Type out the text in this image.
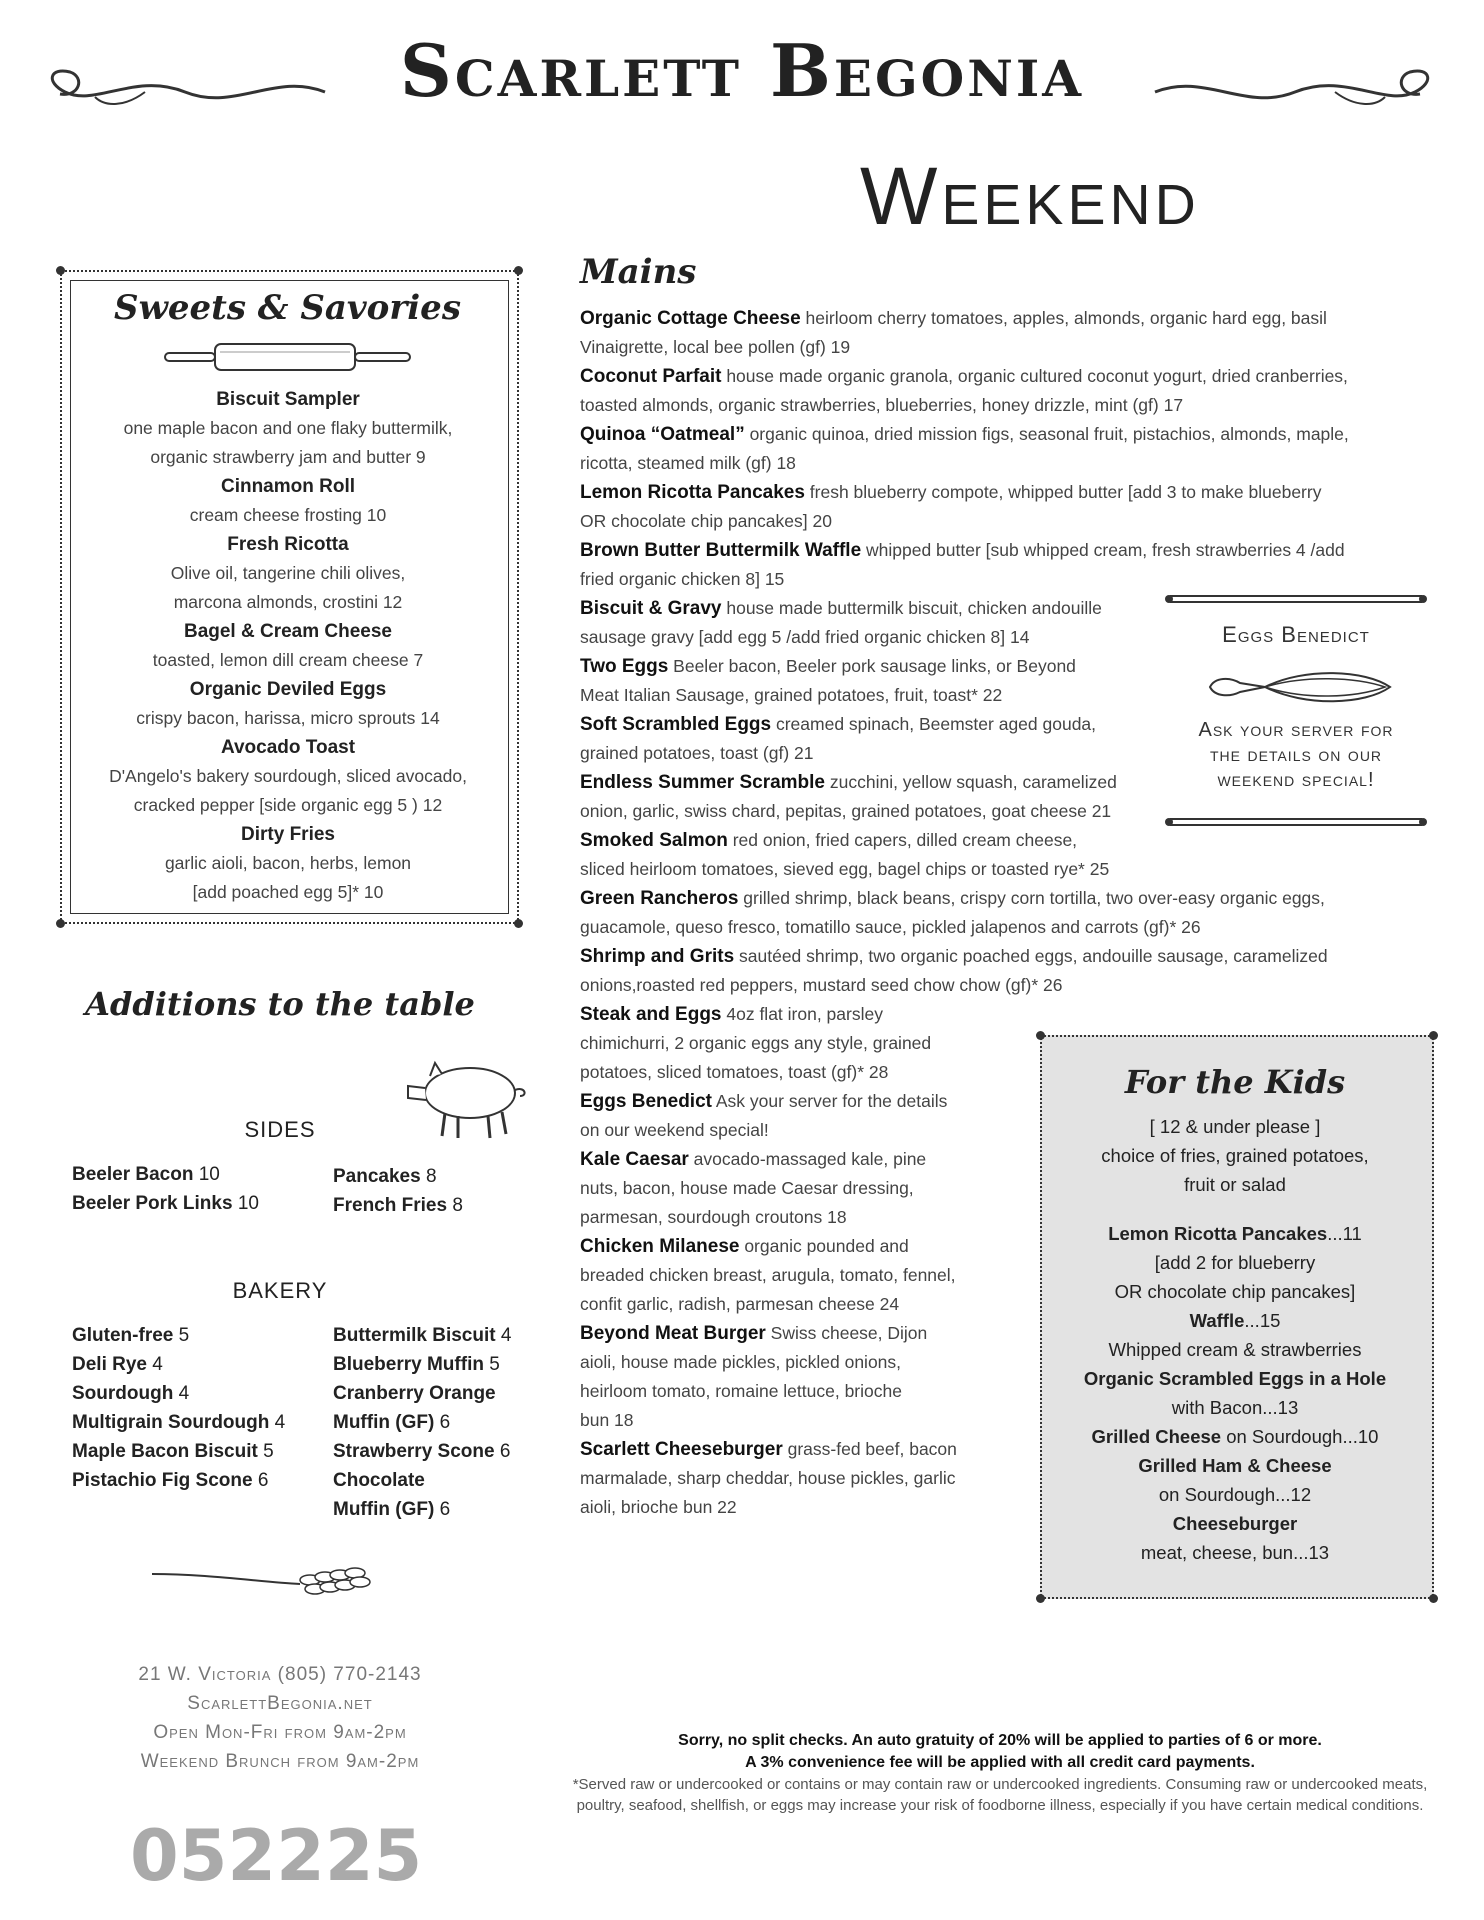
Scarlett Begonia
Weekend
Sweets & Savories
Biscuit Sampler
one maple bacon and one flaky buttermilk,
organic strawberry jam and butter 9
Cinnamon Roll
cream cheese frosting 10
Fresh Ricotta
Olive oil, tangerine chili olives,
marcona almonds, crostini 12
Bagel & Cream Cheese
toasted, lemon dill cream cheese 7
Organic Deviled Eggs
crispy bacon, harissa, micro sprouts 14
Avocado Toast
D'Angelo's bakery sourdough, sliced avocado,
cracked pepper [side organic egg 5 ) 12
Dirty Fries
garlic aioli, bacon, herbs, lemon
[add poached egg 5]* 10
Additions to the table
SIDES
Beeler Bacon 10
Beeler Pork Links 10
Pancakes 8
French Fries 8
BAKERY
Gluten-free 5
Deli Rye 4
Sourdough 4
Multigrain Sourdough 4
Maple Bacon Biscuit 5
Pistachio Fig Scone 6
Buttermilk Biscuit 4
Blueberry Muffin 5
Cranberry Orange
Muffin (GF) 6
Strawberry Scone 6
Chocolate
Muffin (GF) 6
Mains
Organic Cottage Cheese heirloom cherry tomatoes, apples, almonds, organic hard egg, basil
Vinaigrette, local bee pollen (gf) 19
Coconut Parfait house made organic granola, organic cultured coconut yogurt, dried cranberries,
toasted almonds, organic strawberries, blueberries, honey drizzle, mint (gf) 17
Quinoa “Oatmeal” organic quinoa, dried mission figs, seasonal fruit, pistachios, almonds, maple,
ricotta, steamed milk (gf) 18
Lemon Ricotta Pancakes fresh blueberry compote, whipped butter [add 3 to make blueberry
OR chocolate chip pancakes] 20
Brown Butter Buttermilk Waffle whipped butter [sub whipped cream, fresh strawberries 4 /add
fried organic chicken 8] 15
Biscuit & Gravy house made buttermilk biscuit, chicken andouille
sausage gravy [add egg 5 /add fried organic chicken 8] 14
Two Eggs Beeler bacon, Beeler pork sausage links, or Beyond
Meat Italian Sausage, grained potatoes, fruit, toast* 22
Soft Scrambled Eggs creamed spinach, Beemster aged gouda,
grained potatoes, toast (gf) 21
Endless Summer Scramble zucchini, yellow squash, caramelized
onion, garlic, swiss chard, pepitas, grained potatoes, goat cheese 21
Smoked Salmon red onion, fried capers, dilled cream cheese,
sliced heirloom tomatoes, sieved egg, bagel chips or toasted rye* 25
Green Rancheros grilled shrimp, black beans, crispy corn tortilla, two over-easy organic eggs,
guacamole, queso fresco, tomatillo sauce, pickled jalapenos and carrots (gf)* 26
Shrimp and Grits sautéed shrimp, two organic poached eggs, andouille sausage, caramelized
onions,roasted red peppers, mustard seed chow chow (gf)* 26
Steak and Eggs 4oz flat iron, parsley
chimichurri, 2 organic eggs any style, grained
potatoes, sliced tomatoes, toast (gf)* 28
Eggs Benedict Ask your server for the details
on our weekend special!
Kale Caesar avocado-massaged kale, pine
nuts, bacon, house made Caesar dressing,
parmesan, sourdough croutons 18
Chicken Milanese organic pounded and
breaded chicken breast, arugula, tomato, fennel,
confit garlic, radish, parmesan cheese 24
Beyond Meat Burger Swiss cheese, Dijon
aioli, house made pickles, pickled onions,
heirloom tomato, romaine lettuce, brioche
bun 18
Scarlett Cheeseburger grass-fed beef, bacon
marmalade, sharp cheddar, house pickles, garlic
aioli, brioche bun 22
Eggs Benedict
Ask your server for
the details on our
weekend special!
For the Kids
[ 12 & under please ]
choice of fries, grained potatoes,
fruit or salad
Lemon Ricotta Pancakes...11
[add 2 for blueberry
OR chocolate chip pancakes]
Waffle...15
Whipped cream & strawberries
Organic Scrambled Eggs in a Hole
with Bacon...13
Grilled Cheese on Sourdough...10
Grilled Ham & Cheese
on Sourdough...12
Cheeseburger
meat, cheese, bun...13
21 W. Victoria (805) 770-2143
ScarlettBegonia.net
Open Mon-Fri from 9am-2pm
Weekend Brunch from 9am-2pm
052225
Sorry, no split checks. An auto gratuity of 20% will be applied to parties of 6 or more.
A 3% convenience fee will be applied with all credit card payments.
*Served raw or undercooked or contains or may contain raw or undercooked ingredients. Consuming raw or undercooked meats, poultry, seafood, shellfish, or eggs may increase your risk of foodborne illness, especially if you have certain medical conditions.
